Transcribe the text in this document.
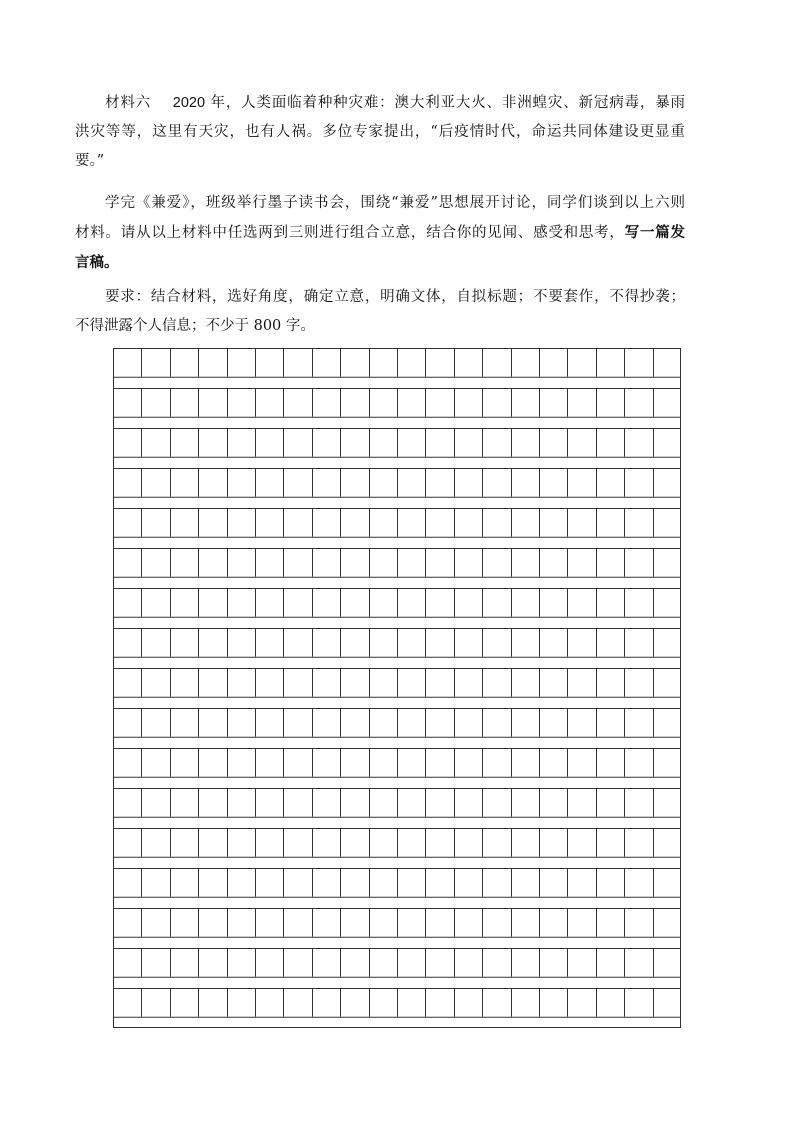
材料六 2020 年，人类面临着种种灾难：澳大利亚大火、非洲蝗灾、新冠病毒，暴雨
洪灾等等，这里有天灾，也有人祸。多位专家提出，“后疫情时代，命运共同体建设更显重
要。”
学完《兼爱》，班级举行墨子读书会，围绕“兼爱”思想展开讨论，同学们谈到以上六则
材料。请从以上材料中任选两到三则进行组合立意，结合你的见闻、感受和思考，写一篇发
言稿。
要求：结合材料，选好角度，确定立意，明确文体，自拟标题；不要套作，不得抄袭；
不得泄露个人信息；不少于 800 字。
